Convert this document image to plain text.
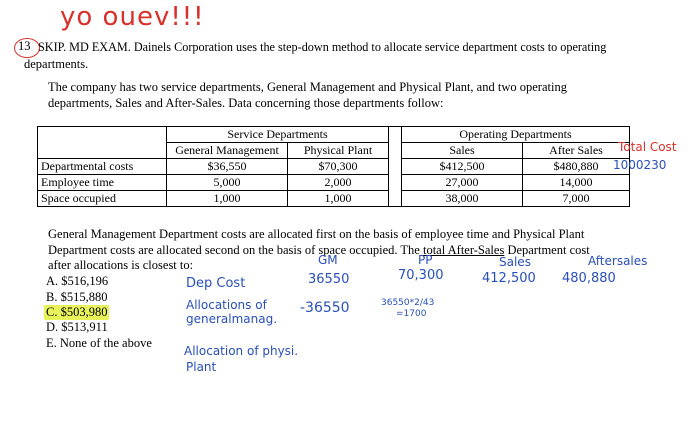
yo ouev!!!
13 SKIP. MD EXAM. Dainels Corporation uses the step-down method to allocate service department costs to operating
departments.
The company has two service departments, General Management and Physical Plant, and two operating
departments, Sales and After-Sales. Data concerning those departments follow:
	Service Departments			Operating Departments	
	General Management	Physical Plant		Sales	After Sales
Departmental costs	$36,550	$70,300		$412,500	$480,880
Employee time	5,000	2,000		27,000	14,000
Space occupied	1,000	1,000		38,000	7,000
Total Cost
1000230
General Management Department costs are allocated first on the basis of employee time and Physical Plant
Department costs are allocated second on the basis of space occupied. The total After-Sales Department cost
after allocations is closest to:
A. $516,196
B. $515,880
C. $503,980
D. $513,911
E. None of the above
GM	PP	Sales	Aftersales
Dep Cost	36550	70,300	412,500 480,880
Allocations of
generalmanag.
-36550	36550*2/43
=1700
Allocation of physi.
Plant
